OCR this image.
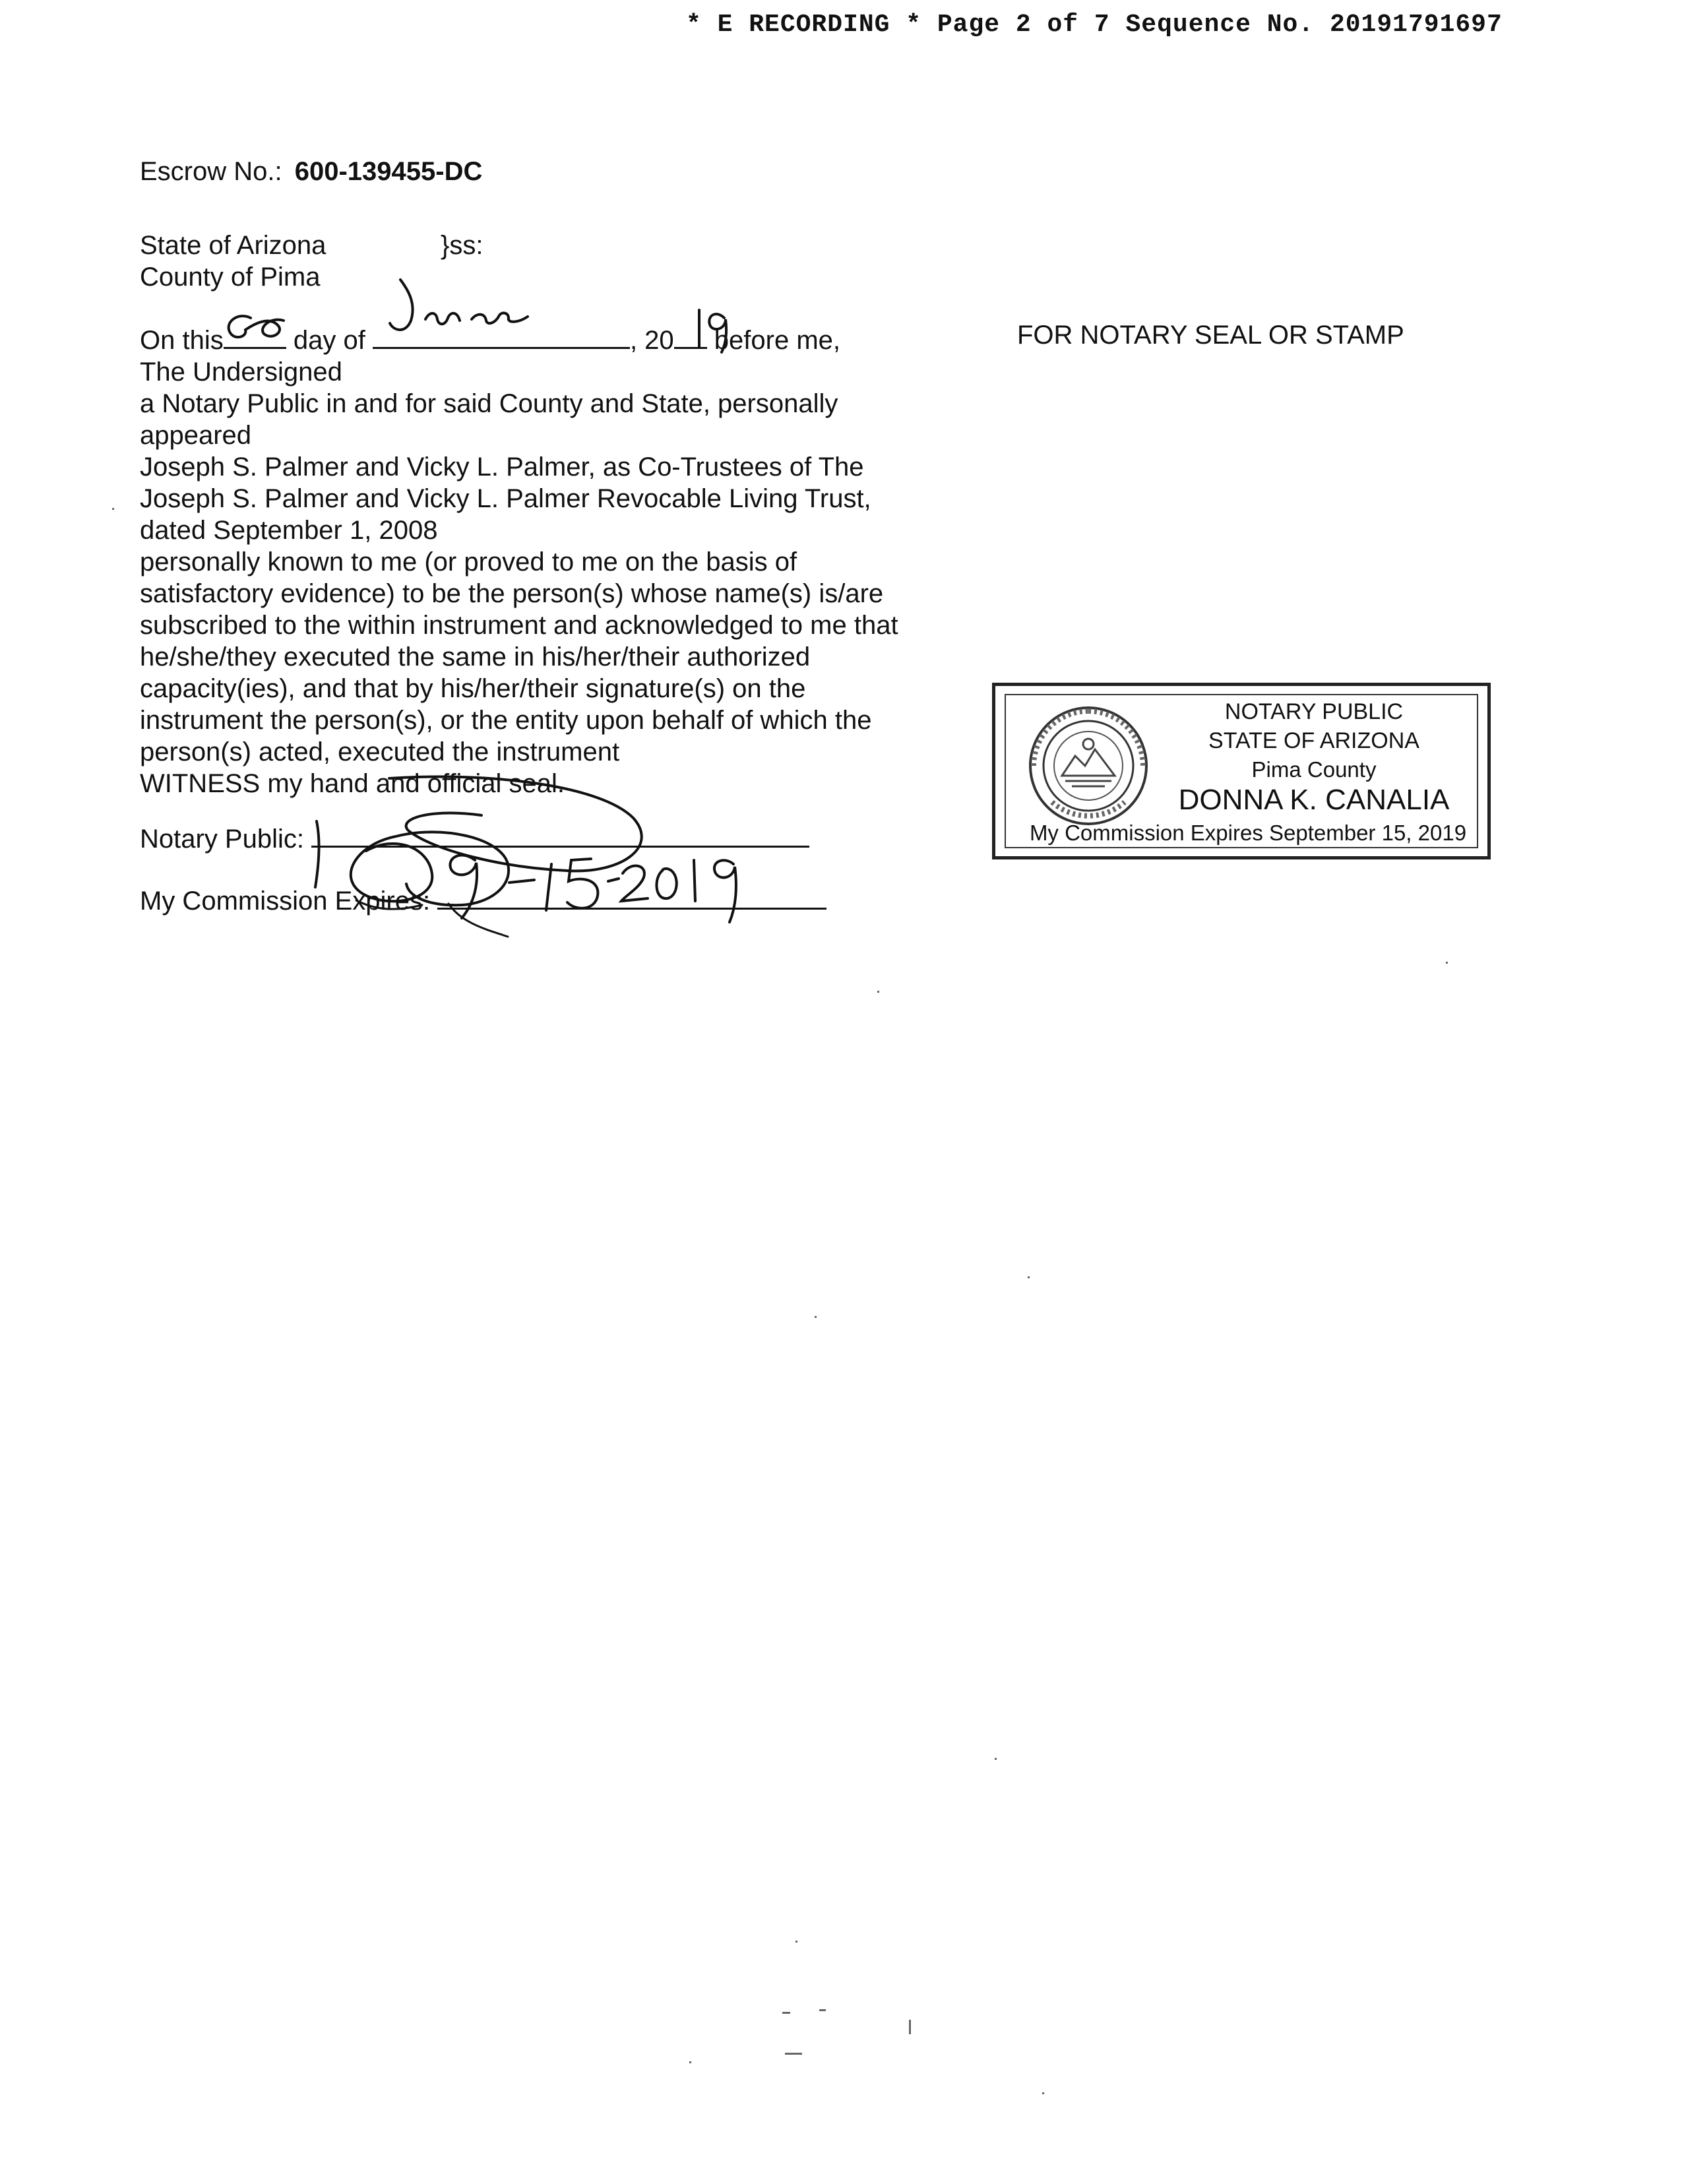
* E RECORDING * Page 2 of 7 Sequence No. 20191791697
Escrow No.: 600-139455-DC
State of Arizona	}ss:
County of Pima
On this	day of	, 20 before me,
The Undersigned
a Notary Public in and for said County and State, personally
appeared
Joseph S. Palmer and Vicky L. Palmer, as Co-Trustees of The
Joseph S. Palmer and Vicky L. Palmer Revocable Living Trust,
dated September 1, 2008
personally known to me (or proved to me on the basis of
satisfactory evidence) to be the person(s) whose name(s) is/are
subscribed to the within instrument and acknowledged to me that
he/she/they executed the same in his/her/their authorized
capacity(ies), and that by his/her/their signature(s) on the
instrument the person(s), or the entity upon behalf of which the
person(s) acted, executed the instrument
WITNESS my hand and official seal.
Notary Public:
My Commission Expires:
FOR NOTARY SEAL OR STAMP
NOTARY PUBLIC
STATE OF ARIZONA
Pima County
DONNA K. CANALIA
My Commission Expires September 15, 2019
